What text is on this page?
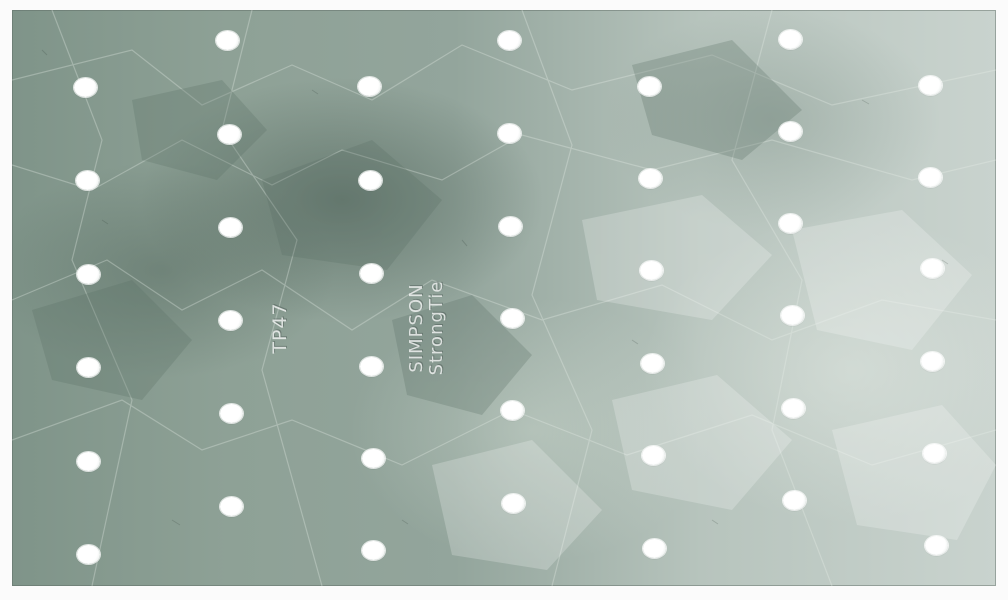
TP47	SIMPSON StrongTie
